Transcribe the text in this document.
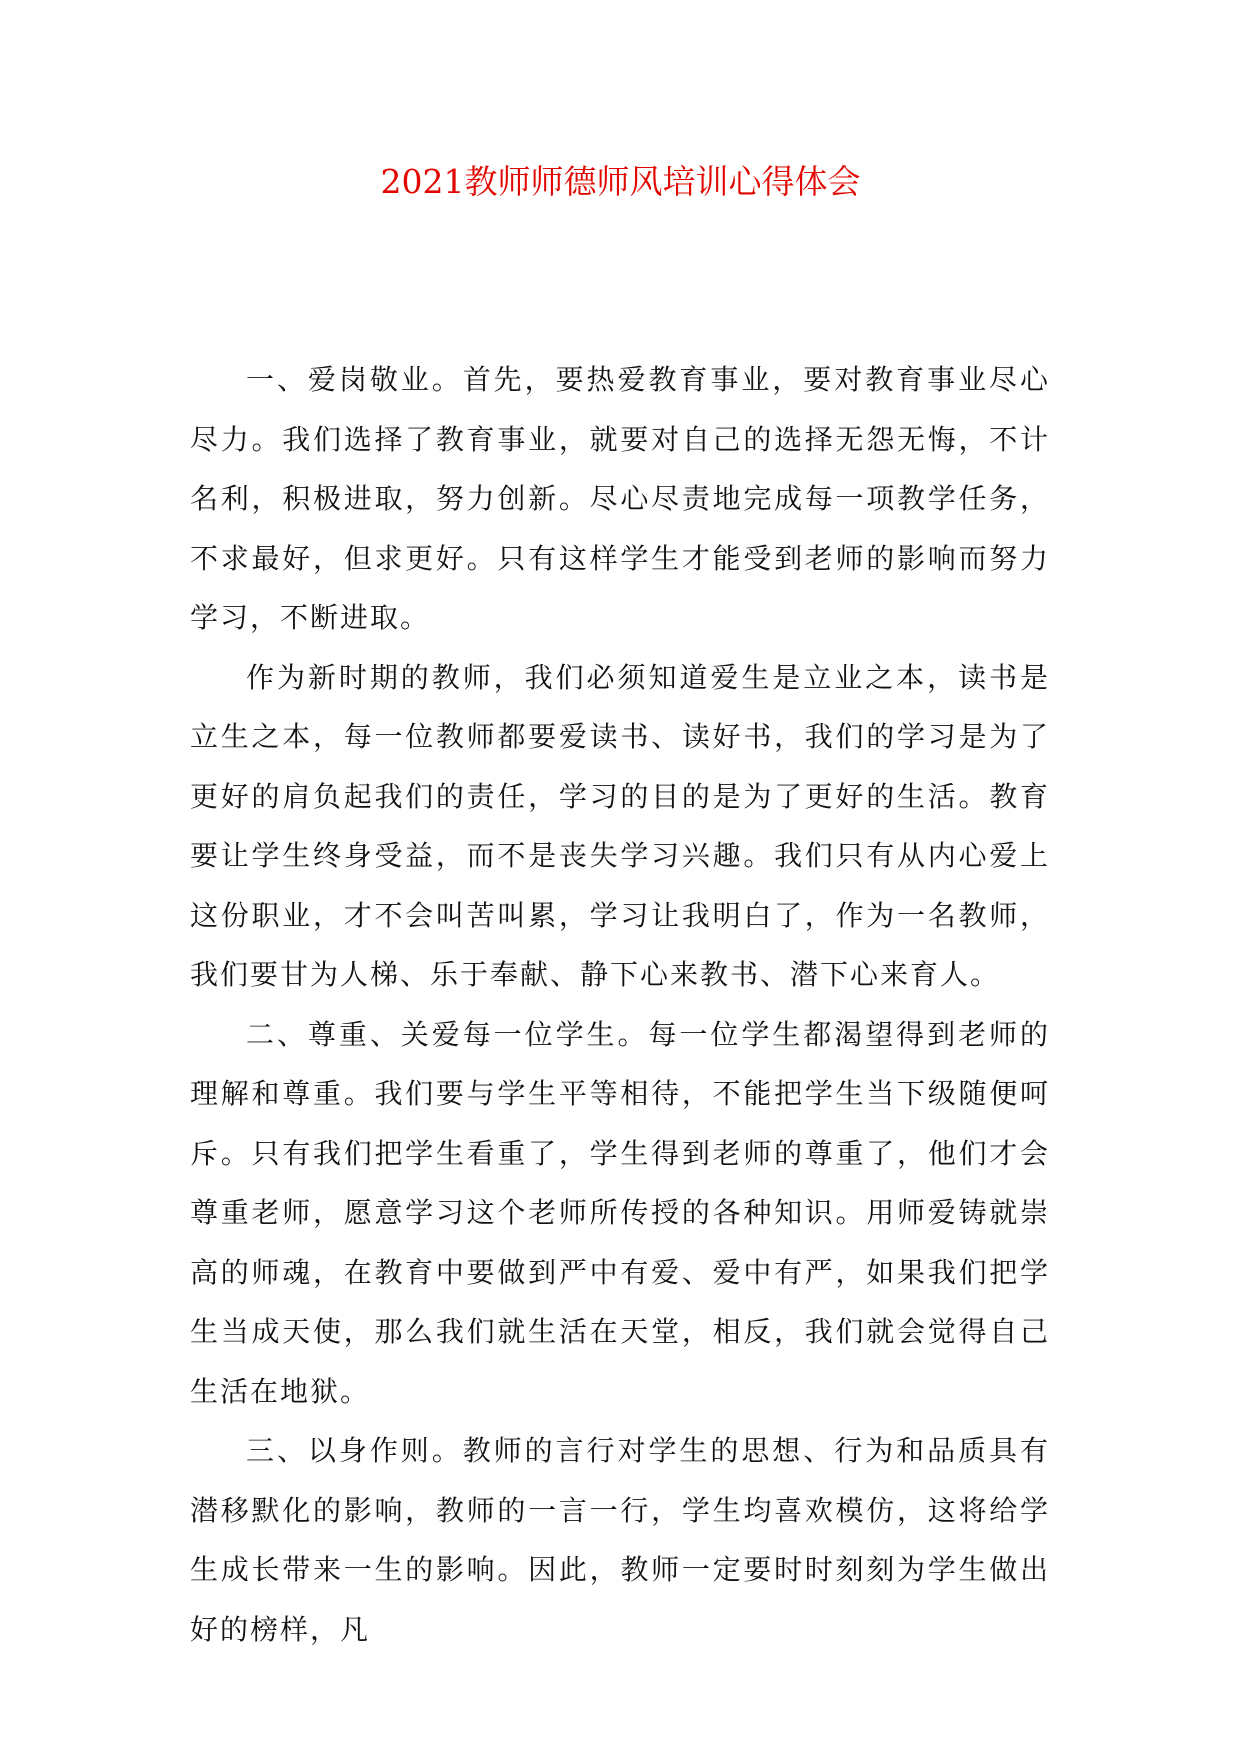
2021教师师德师风培训心得体会

一、爱岗敬业。首先，要热爱教育事业，要对教育事业尽心尽力。我们选择了教育事业，就要对自己的选择无怨无悔，不计名利，积极进取，努力创新。尽心尽责地完成每一项教学任务，不求最好，但求更好。只有这样学生才能受到老师的影响而努力学习，不断进取。

作为新时期的教师，我们必须知道爱生是立业之本，读书是立生之本，每一位教师都要爱读书、读好书，我们的学习是为了更好的肩负起我们的责任，学习的目的是为了更好的生活。教育要让学生终身受益，而不是丧失学习兴趣。我们只有从内心爱上这份职业，才不会叫苦叫累，学习让我明白了，作为一名教师，我们要甘为人梯、乐于奉献、静下心来教书、潜下心来育人。

二、尊重、关爱每一位学生。每一位学生都渴望得到老师的理解和尊重。我们要与学生平等相待，不能把学生当下级随便呵斥。只有我们把学生看重了，学生得到老师的尊重了，他们才会尊重老师，愿意学习这个老师所传授的各种知识。用师爱铸就崇高的师魂，在教育中要做到严中有爱、爱中有严，如果我们把学生当成天使，那么我们就生活在天堂，相反，我们就会觉得自己生活在地狱。

三、以身作则。教师的言行对学生的思想、行为和品质具有潜移默化的影响，教师的一言一行，学生均喜欢模仿，这将给学生成长带来一生的影响。因此，教师一定要时时刻刻为学生做出好的榜样，凡
